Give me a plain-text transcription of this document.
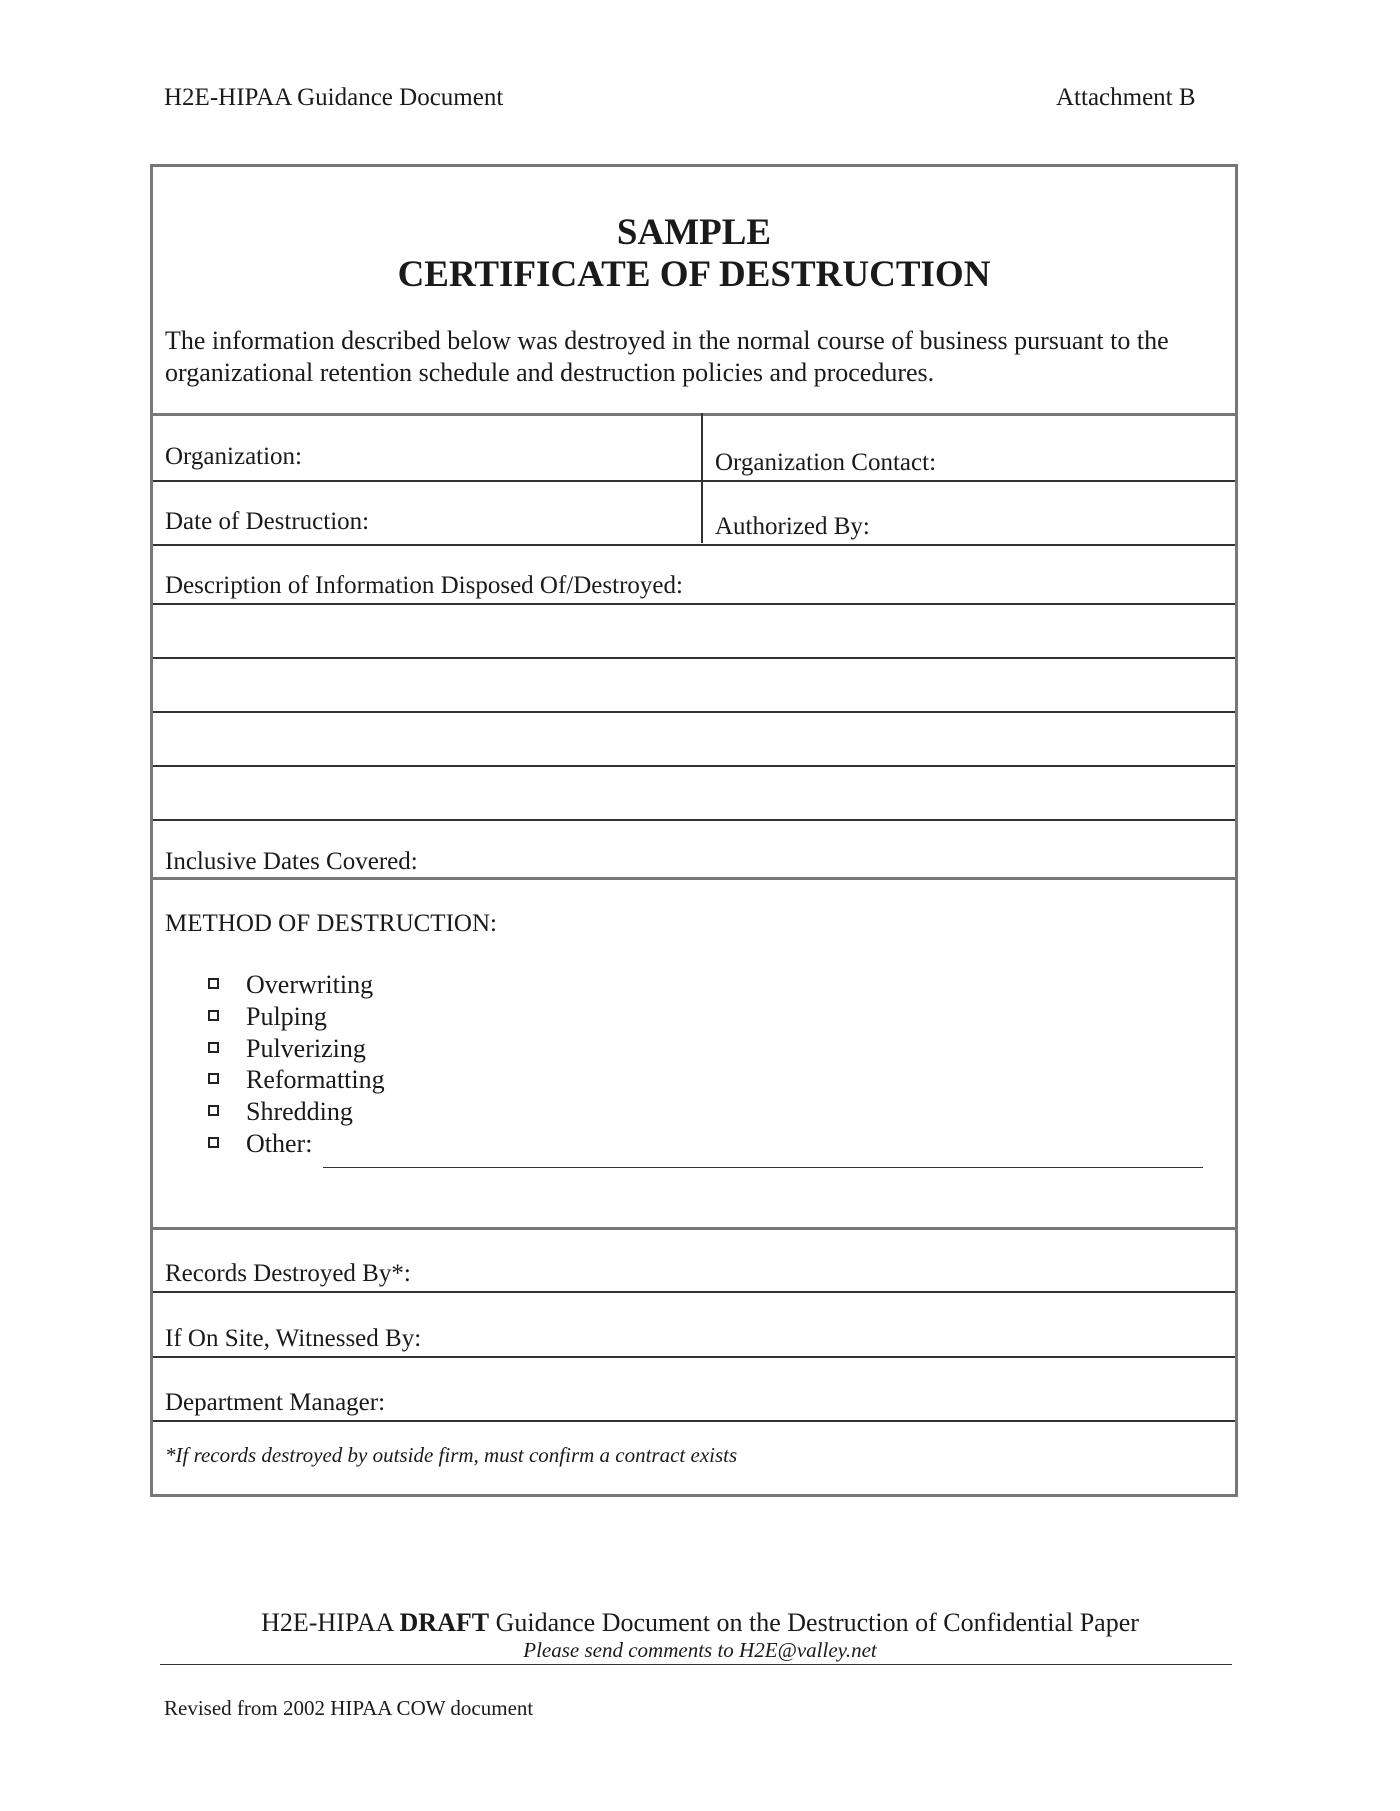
H2E-HIPAA Guidance Document	Attachment B
SAMPLE
CERTIFICATE OF DESTRUCTION
The information described below was destroyed in the normal course of business pursuant to the organizational retention schedule and destruction policies and procedures.
Organization:	Organization Contact:
Date of Destruction:	Authorized By:
Description of Information Disposed Of/Destroyed:
Inclusive Dates Covered:
METHOD OF DESTRUCTION:
Overwriting
Pulping
Pulverizing
Reformatting
Shredding
Other:
Records Destroyed By*:
If On Site, Witnessed By:
Department Manager:
*If records destroyed by outside firm, must confirm a contract exists
H2E-HIPAA DRAFT Guidance Document on the Destruction of Confidential Paper
Please send comments to H2E@valley.net
Revised from 2002 HIPAA COW document
